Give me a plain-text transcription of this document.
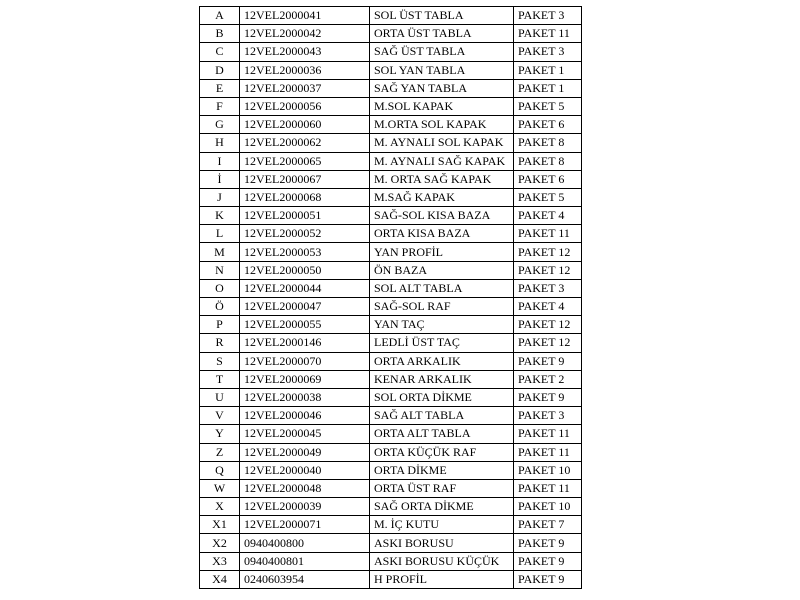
A	12VEL2000041	SOL ÜST TABLA	PAKET 3
B	12VEL2000042	ORTA ÜST TABLA	PAKET 11
C	12VEL2000043	SAĞ ÜST TABLA	PAKET 3
D	12VEL2000036	SOL YAN TABLA	PAKET 1
E	12VEL2000037	SAĞ YAN TABLA	PAKET 1
F	12VEL2000056	M.SOL KAPAK	PAKET 5
G	12VEL2000060	M.ORTA SOL KAPAK	PAKET 6
H	12VEL2000062	M. AYNALI SOL KAPAK	PAKET 8
I	12VEL2000065	M. AYNALI SAĞ KAPAK	PAKET 8
İ	12VEL2000067	M. ORTA SAĞ KAPAK	PAKET 6
J	12VEL2000068	M.SAĞ KAPAK	PAKET 5
K	12VEL2000051	SAĞ-SOL KISA BAZA	PAKET 4
L	12VEL2000052	ORTA KISA BAZA	PAKET 11
M	12VEL2000053	YAN PROFİL	PAKET 12
N	12VEL2000050	ÖN BAZA	PAKET 12
O	12VEL2000044	SOL ALT TABLA	PAKET 3
Ö	12VEL2000047	SAĞ-SOL RAF	PAKET 4
P	12VEL2000055	YAN TAÇ	PAKET 12
R	12VEL2000146	LEDLİ ÜST TAÇ	PAKET 12
S	12VEL2000070	ORTA ARKALIK	PAKET 9
T	12VEL2000069	KENAR ARKALIK	PAKET 2
U	12VEL2000038	SOL ORTA DİKME	PAKET 9
V	12VEL2000046	SAĞ ALT TABLA	PAKET 3
Y	12VEL2000045	ORTA ALT TABLA	PAKET 11
Z	12VEL2000049	ORTA KÜÇÜK RAF	PAKET 11
Q	12VEL2000040	ORTA DİKME	PAKET 10
W	12VEL2000048	ORTA ÜST RAF	PAKET 11
X	12VEL2000039	SAĞ ORTA DİKME	PAKET 10
X1	12VEL2000071	M. İÇ KUTU	PAKET 7
X2	0940400800	ASKI BORUSU	PAKET 9
X3	0940400801	ASKI BORUSU KÜÇÜK	PAKET 9
X4	0240603954	H PROFİL	PAKET 9
